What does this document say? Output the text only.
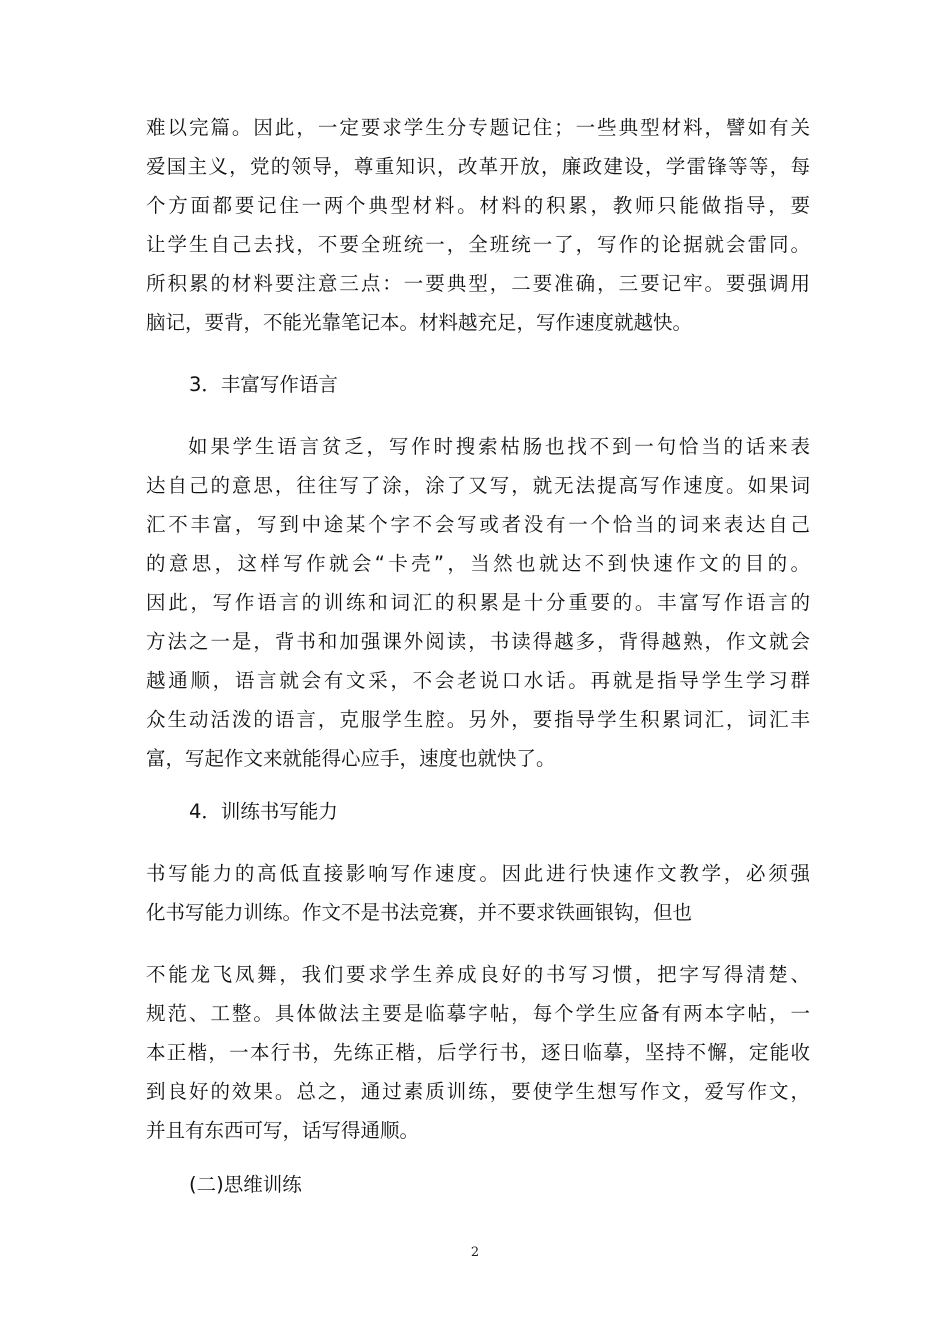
难以完篇。因此，一定要求学生分专题记住；一些典型材料，譬如有关
爱国主义，党的领导，尊重知识，改革开放，廉政建设，学雷锋等等，每
个方面都要记住一两个典型材料。材料的积累，教师只能做指导，要
让学生自己去找，不要全班统一，全班统一了，写作的论据就会雷同。
所积累的材料要注意三点：一要典型，二要准确，三要记牢。要强调用
脑记，要背，不能光靠笔记本。材料越充足，写作速度就越快。
3．丰富写作语言
如果学生语言贫乏，写作时搜索枯肠也找不到一句恰当的话来表
达自己的意思，往往写了涂，涂了又写，就无法提高写作速度。如果词
汇不丰富，写到中途某个字不会写或者没有一个恰当的词来表达自己
的意思，这样写作就会“卡壳”，当然也就达不到快速作文的目的。
因此，写作语言的训练和词汇的积累是十分重要的。丰富写作语言的
方法之一是，背书和加强课外阅读，书读得越多，背得越熟，作文就会
越通顺，语言就会有文采，不会老说口水话。再就是指导学生学习群
众生动活泼的语言，克服学生腔。另外，要指导学生积累词汇，词汇丰
富，写起作文来就能得心应手，速度也就快了。
4．训练书写能力
书写能力的高低直接影响写作速度。因此进行快速作文教学，必须强
化书写能力训练。作文不是书法竞赛，并不要求铁画银钩，但也
不能龙飞凤舞，我们要求学生养成良好的书写习惯，把字写得清楚、
规范、工整。具体做法主要是临摹字帖，每个学生应备有两本字帖，一
本正楷，一本行书，先练正楷，后学行书，逐日临摹，坚持不懈，定能收
到良好的效果。总之，通过素质训练，要使学生想写作文，爱写作文，
并且有东西可写，话写得通顺。
(二)思维训练
2
